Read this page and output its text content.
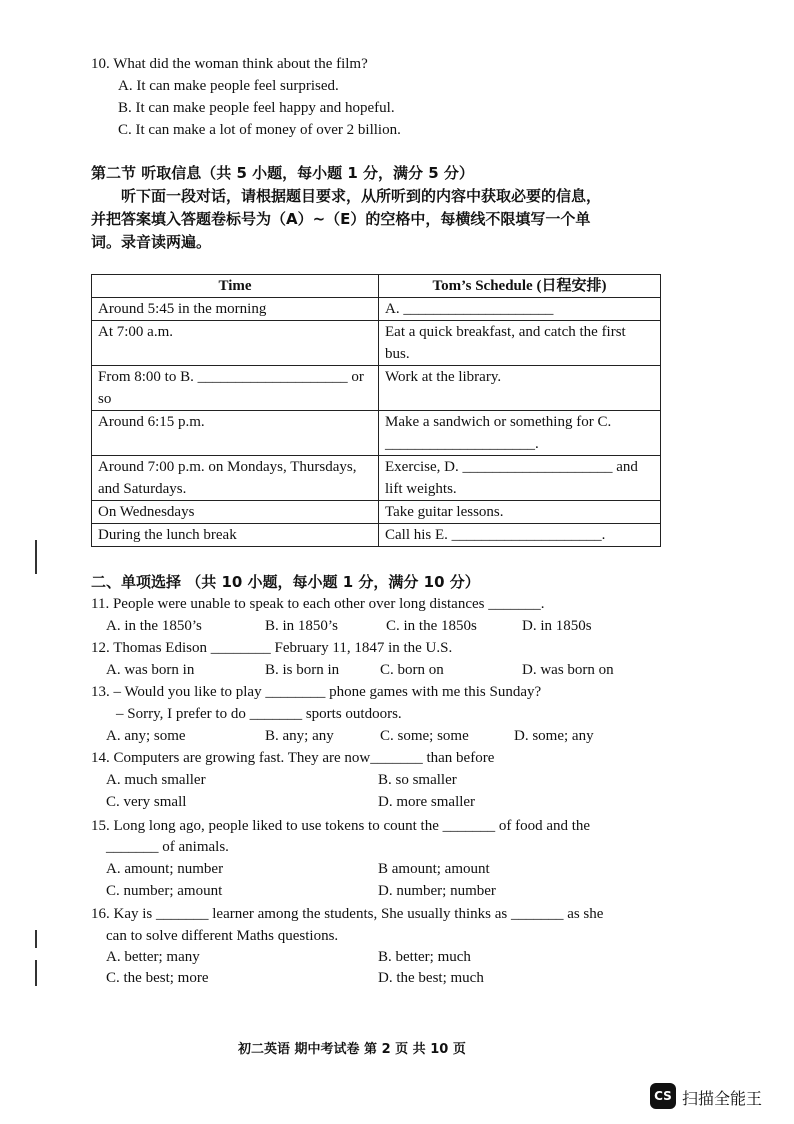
10. What did the woman think about the film?
A. It can make people feel surprised.
B. It can make people feel happy and hopeful.
C. It can make a lot of money of over 2 billion.
第二节 听取信息（共 5 小题，每小题 1 分，满分 5 分）
听下面一段对话，请根据题目要求，从所听到的内容中获取必要的信息，
并把答案填入答题卷标号为（A）~（E）的空格中，每横线不限填写一个单
词。录音读两遍。
Time	Tom’s Schedule (日程安排)
Around 5:45 in the morning	A. ____________________
At 7:00 a.m.	Eat a quick breakfast, and catch the first bus.
From 8:00 to B. ____________________ or so	Work at the library.
Around 6:15 p.m.	Make a sandwich or something for C. ____________________.
Around 7:00 p.m. on Mondays, Thursdays, and Saturdays.	Exercise, D. ____________________ and lift weights.
On Wednesdays	Take guitar lessons.
During the lunch break	Call his E. ____________________.
二、单项选择 （共 10 小题，每小题 1 分，满分 10 分）
11. People were unable to speak to each other over long distances _______.
A. in the 1850’s	B. in 1850’s	C. in the 1850s	D. in 1850s
12. Thomas Edison ________ February 11, 1847 in the U.S.
A. was born in	B. is born in	C. born on	D. was born on
13. – Would you like to play ________ phone games with me this Sunday?
– Sorry, I prefer to do _______ sports outdoors.
A. any; some	B. any; any	C. some; some	D. some; any
14. Computers are growing fast. They are now_______ than before
A. much smaller	B. so smaller
C. very small	D. more smaller
15. Long long ago, people liked to use tokens to count the _______ of food and the
_______ of animals.
A. amount; number	B amount; amount
C. number; amount	D. number; number
16. Kay is _______ learner among the students, She usually thinks as _______ as she
can to solve different Maths questions.
A. better; many	B. better; much
C. the best; more	D. the best; much
初二英语 期中考试卷 第 2 页 共 10 页
CS 扫描全能王
